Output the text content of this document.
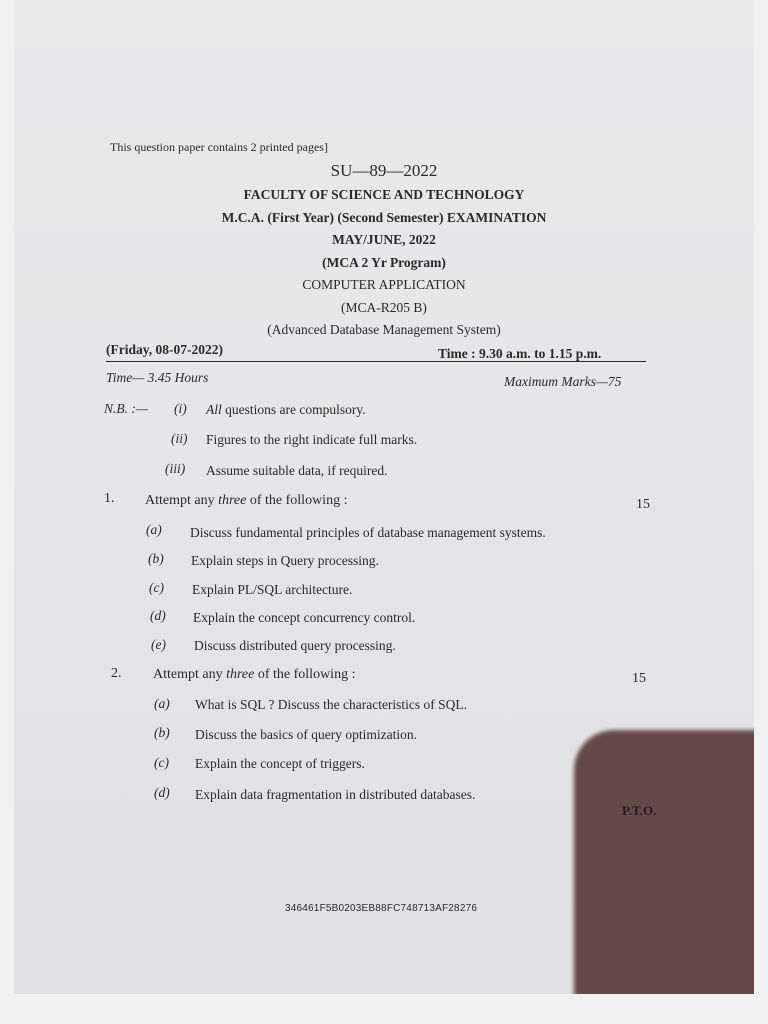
This question paper contains 2 printed pages]
SU—89—2022
FACULTY OF SCIENCE AND TECHNOLOGY
M.C.A. (First Year) (Second Semester) EXAMINATION
MAY/JUNE, 2022
(MCA 2 Yr Program)
COMPUTER APPLICATION
(MCA-R205 B)
(Advanced Database Management System)
(Friday, 08-07-2022)	Time : 9.30 a.m. to 1.15 p.m.
Time— 3.45 Hours	Maximum Marks—75
N.B. :— (i) All questions are compulsory.
(ii) Figures to the right indicate full marks.
(iii) Assume suitable data, if required.
1. Attempt any three of the following :	15
(a) Discuss fundamental principles of database management systems.
(b) Explain steps in Query processing.
(c) Explain PL/SQL architecture.
(d) Explain the concept concurrency control.
(e) Discuss distributed query processing.
2. Attempt any three of the following :	15
(a) What is SQL ? Discuss the characteristics of SQL.
(b) Discuss the basics of query optimization.
(c) Explain the concept of triggers.
(d) Explain data fragmentation in distributed databases.
P.T.O.
346461F5B0203EB88FC748713AF28276
